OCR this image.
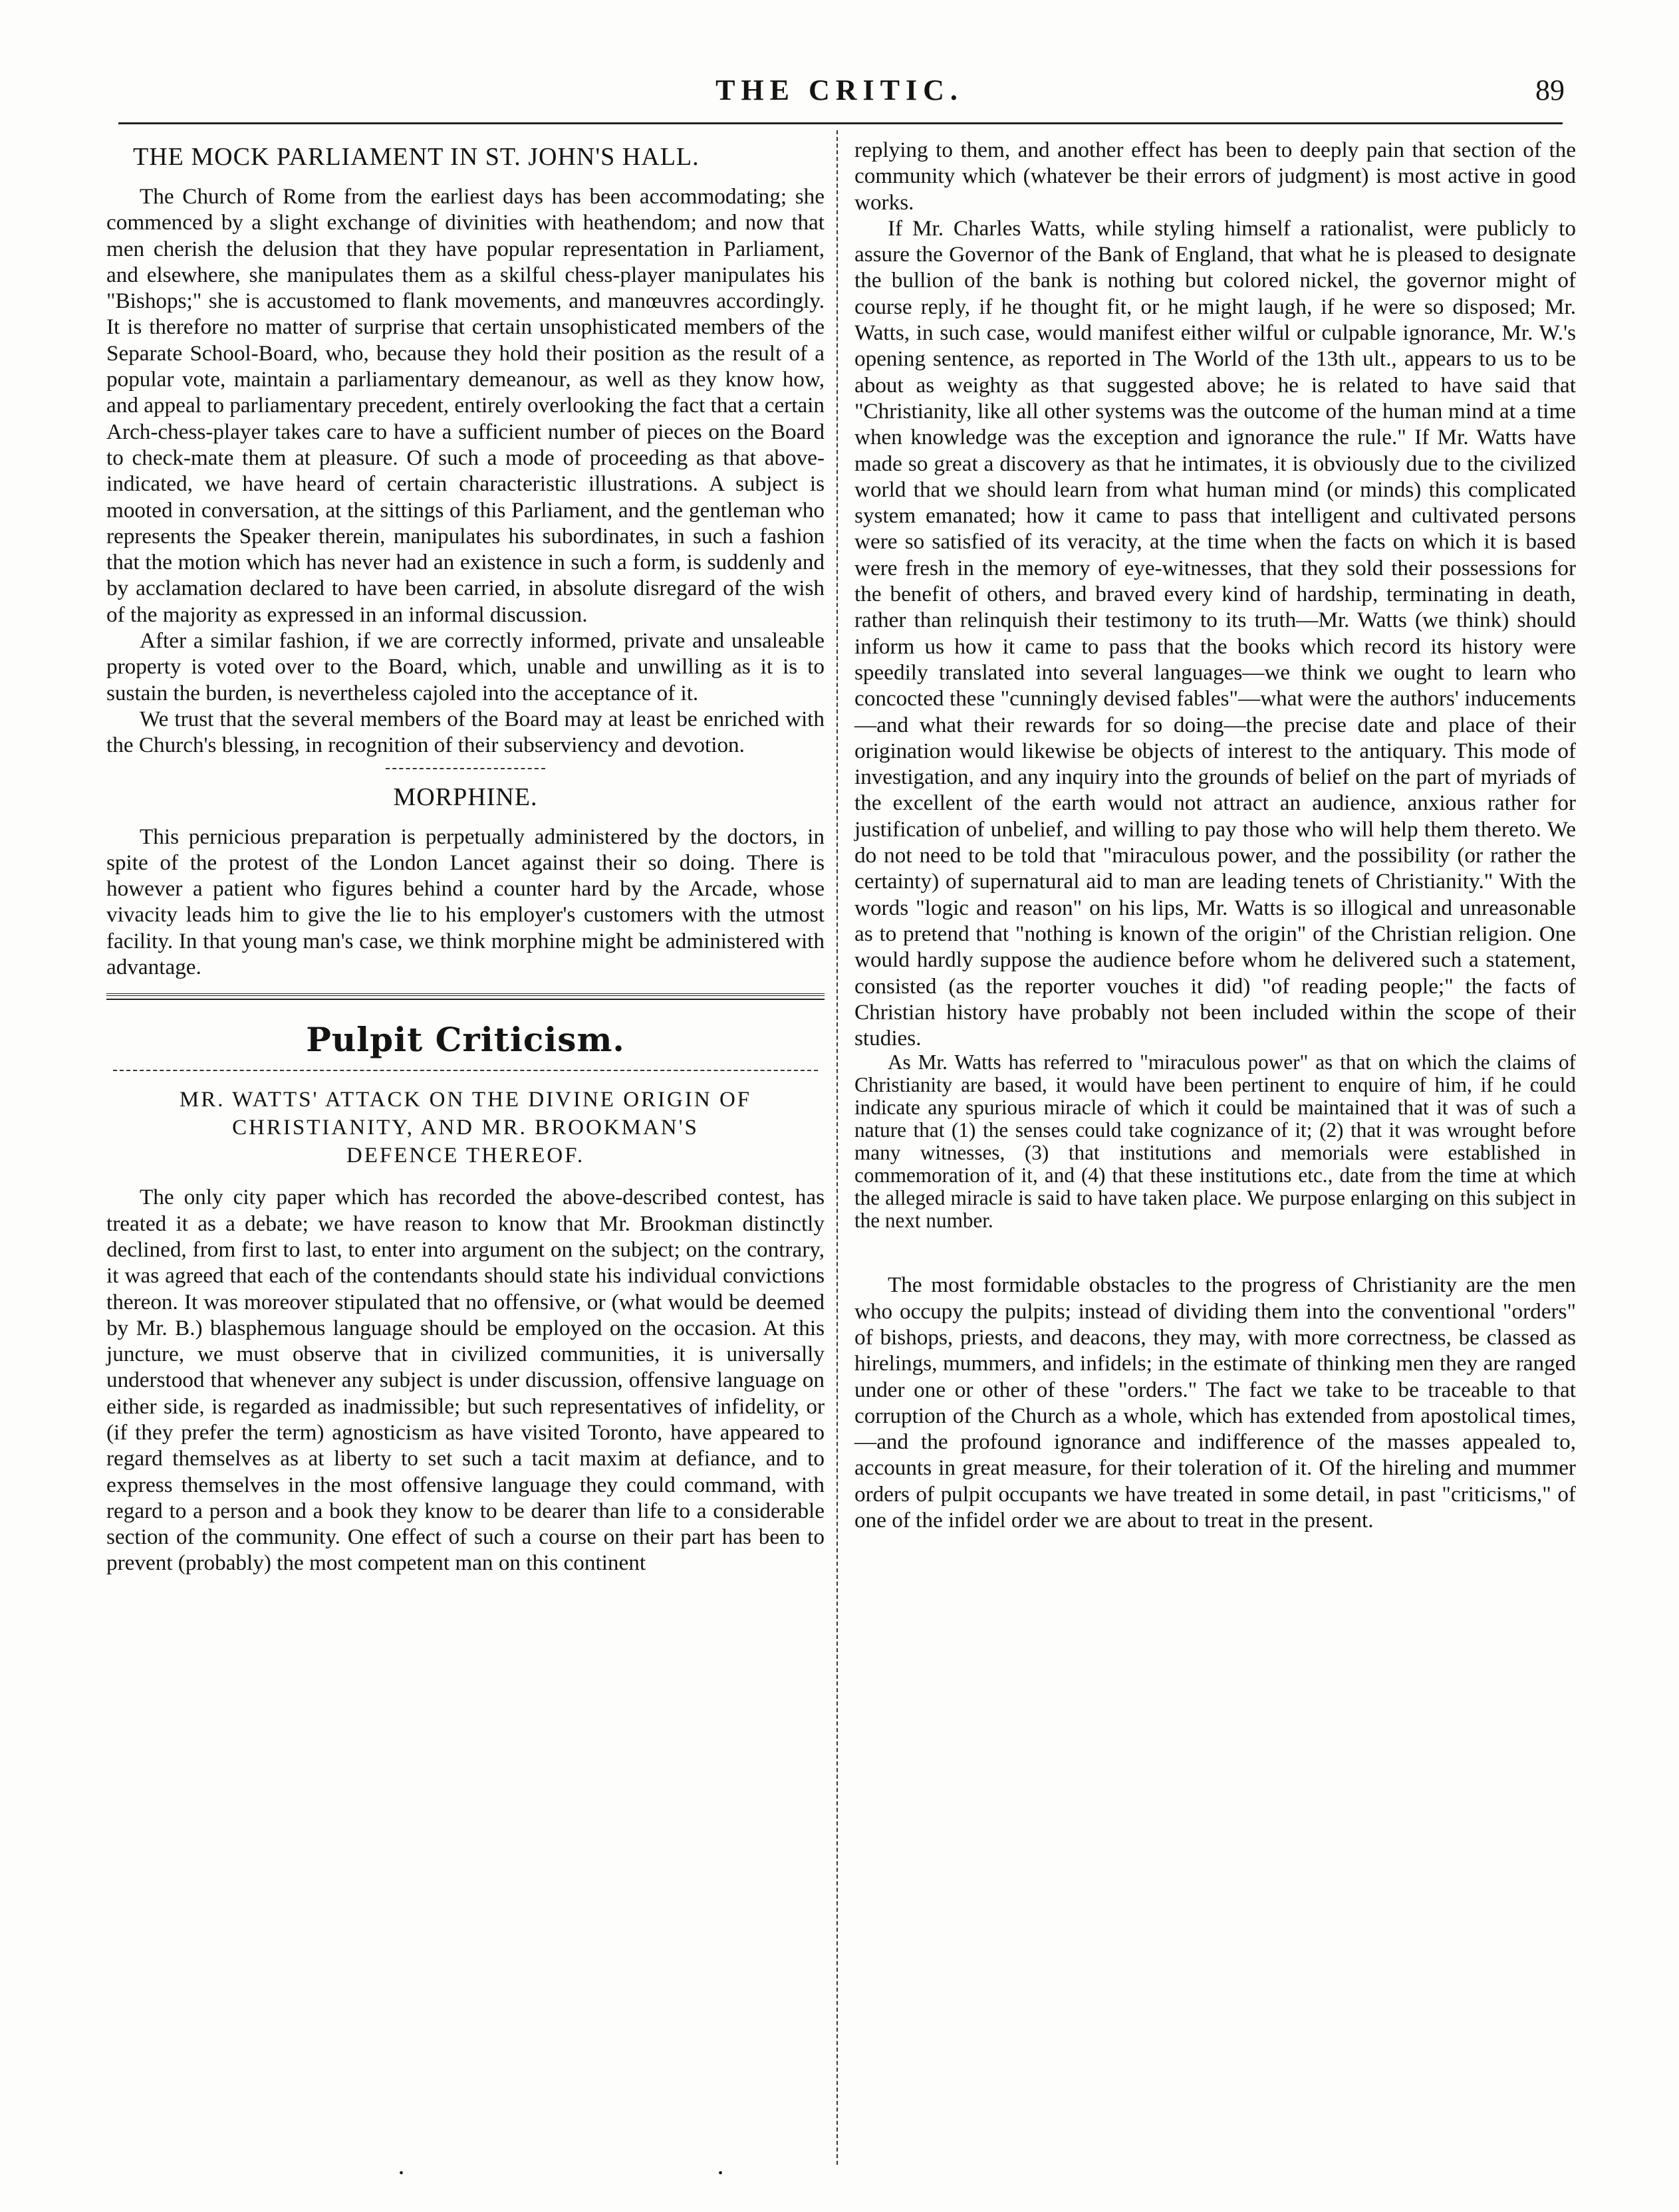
THE CRITIC.	89
THE MOCK PARLIAMENT IN ST. JOHN'S HALL.

The Church of Rome from the earliest days has been accommodating; she commenced by a slight exchange of divinities with heathendom; and now that men cherish the delusion that they have popular representation in Parliament, and elsewhere, she manipulates them as a skilful chess-player manipulates his "Bishops;" she is accustomed to flank movements, and manœuvres accordingly. It is therefore no matter of surprise that certain unsophisticated members of the Separate School-Board, who, because they hold their position as the result of a popular vote, maintain a parliamentary demeanour, as well as they know how, and appeal to parliamentary precedent, entirely overlooking the fact that a certain Arch-chess-player takes care to have a sufficient number of pieces on the Board to check-mate them at pleasure. Of such a mode of proceeding as that above-indicated, we have heard of certain characteristic illustrations. A subject is mooted in conversation, at the sittings of this Parliament, and the gentleman who represents the Speaker therein, manipulates his subordinates, in such a fashion that the motion which has never had an existence in such a form, is suddenly and by acclamation declared to have been carried, in absolute disregard of the wish of the majority as expressed in an informal discussion.

After a similar fashion, if we are correctly informed, private and unsaleable property is voted over to the Board, which, unable and unwilling as it is to sustain the burden, is nevertheless cajoled into the acceptance of it.

We trust that the several members of the Board may at least be enriched with the Church's blessing, in recognition of their subserviency and devotion.

MORPHINE.

This pernicious preparation is perpetually administered by the doctors, in spite of the protest of the London Lancet against their so doing. There is however a patient who figures behind a counter hard by the Arcade, whose vivacity leads him to give the lie to his employer's customers with the utmost facility. In that young man's case, we think morphine might be administered with advantage.

Pulpit Criticism.
MR. WATTS' ATTACK ON THE DIVINE ORIGIN OF
CHRISTIANITY, AND MR. BROOKMAN'S
DEFENCE THEREOF.

The only city paper which has recorded the above-described contest, has treated it as a debate; we have reason to know that Mr. Brookman distinctly declined, from first to last, to enter into argument on the subject; on the contrary, it was agreed that each of the contendants should state his individual convictions thereon. It was moreover stipulated that no offensive, or (what would be deemed by Mr. B.) blasphemous language should be employed on the occasion. At this juncture, we must observe that in civilized communities, it is universally understood that whenever any subject is under discussion, offensive language on either side, is regarded as inadmissible; but such representatives of infidelity, or (if they prefer the term) agnosticism as have visited Toronto, have appeared to regard themselves as at liberty to set such a tacit maxim at defiance, and to express themselves in the most offensive language they could command, with regard to a person and a book they know to be dearer than life to a considerable section of the community. One effect of such a course on their part has been to prevent (probably) the most competent man on this continent

replying to them, and another effect has been to deeply pain that section of the community which (whatever be their errors of judgment) is most active in good works.

If Mr. Charles Watts, while styling himself a rationalist, were publicly to assure the Governor of the Bank of England, that what he is pleased to designate the bullion of the bank is nothing but colored nickel, the governor might of course reply, if he thought fit, or he might laugh, if he were so disposed; Mr. Watts, in such case, would manifest either wilful or culpable ignorance, Mr. W.'s opening sentence, as reported in The World of the 13th ult., appears to us to be about as weighty as that suggested above; he is related to have said that "Christianity, like all other systems was the outcome of the human mind at a time when knowledge was the exception and ignorance the rule." If Mr. Watts have made so great a discovery as that he intimates, it is obviously due to the civilized world that we should learn from what human mind (or minds) this complicated system emanated; how it came to pass that intelligent and cultivated persons were so satisfied of its veracity, at the time when the facts on which it is based were fresh in the memory of eye-witnesses, that they sold their possessions for the benefit of others, and braved every kind of hardship, terminating in death, rather than relinquish their testimony to its truth—Mr. Watts (we think) should inform us how it came to pass that the books which record its history were speedily translated into several languages—we think we ought to learn who concocted these "cunningly devised fables"—what were the authors' inducements—and what their rewards for so doing—the precise date and place of their origination would likewise be objects of interest to the antiquary. This mode of investigation, and any inquiry into the grounds of belief on the part of myriads of the excellent of the earth would not attract an audience, anxious rather for justification of unbelief, and willing to pay those who will help them thereto. We do not need to be told that "miraculous power, and the possibility (or rather the certainty) of supernatural aid to man are leading tenets of Christianity." With the words "logic and reason" on his lips, Mr. Watts is so illogical and unreasonable as to pretend that "nothing is known of the origin" of the Christian religion. One would hardly suppose the audience before whom he delivered such a statement, consisted (as the reporter vouches it did) "of reading people;" the facts of Christian history have probably not been included within the scope of their studies.

As Mr. Watts has referred to "miraculous power" as that on which the claims of Christianity are based, it would have been pertinent to enquire of him, if he could indicate any spurious miracle of which it could be maintained that it was of such a nature that (1) the senses could take cognizance of it; (2) that it was wrought before many witnesses, (3) that institutions and memorials were established in commemoration of it, and (4) that these institutions etc., date from the time at which the alleged miracle is said to have taken place. We purpose enlarging on this subject in the next number.

The most formidable obstacles to the progress of Christianity are the men who occupy the pulpits; instead of dividing them into the conventional "orders" of bishops, priests, and deacons, they may, with more correctness, be classed as hirelings, mummers, and infidels; in the estimate of thinking men they are ranged under one or other of these "orders." The fact we take to be traceable to that corruption of the Church as a whole, which has extended from apostolical times,—and the profound ignorance and indifference of the masses appealed to, accounts in great measure, for their toleration of it. Of the hireling and mummer orders of pulpit occupants we have treated in some detail, in past "criticisms," of one of the infidel order we are about to treat in the present.

•	•
